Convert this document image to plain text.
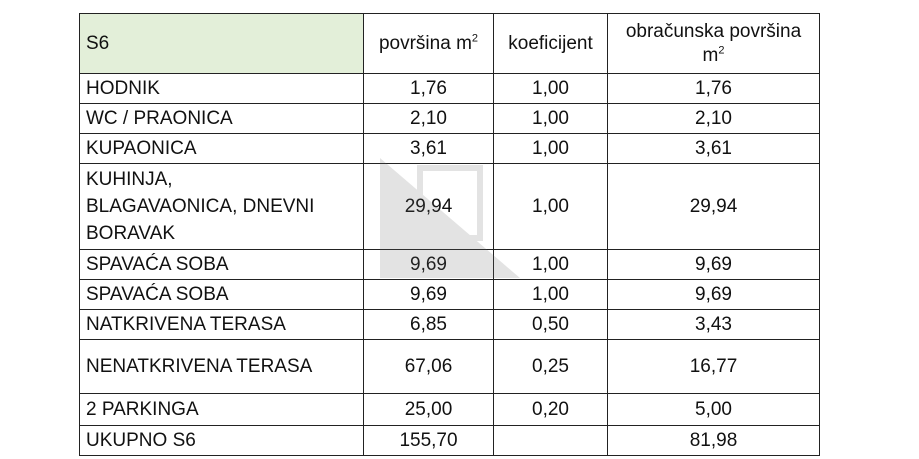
S6	površina $m^2$	koeficijent	obračunska površina
$m^2$
HODNIK	1,76	1,00	1,76
WC / PRAONICA	2,10	1,00	2,10
KUPAONICA	3,61	1,00	3,61
KUHINJA,
BLAGAVAONICA, DNEVNI
BORAVAK	29,94	1,00	29,94
SPAVAĆA SOBA	9,69	1,00	9,69
SPAVAĆA SOBA	9,69	1,00	9,69
NATKRIVENA TERASA	6,85	0,50	3,43
NENATKRIVENA TERASA	67,06	0,25	16,77
2 PARKINGA	25,00	0,20	5,00
UKUPNO S6	155,70		81,98
